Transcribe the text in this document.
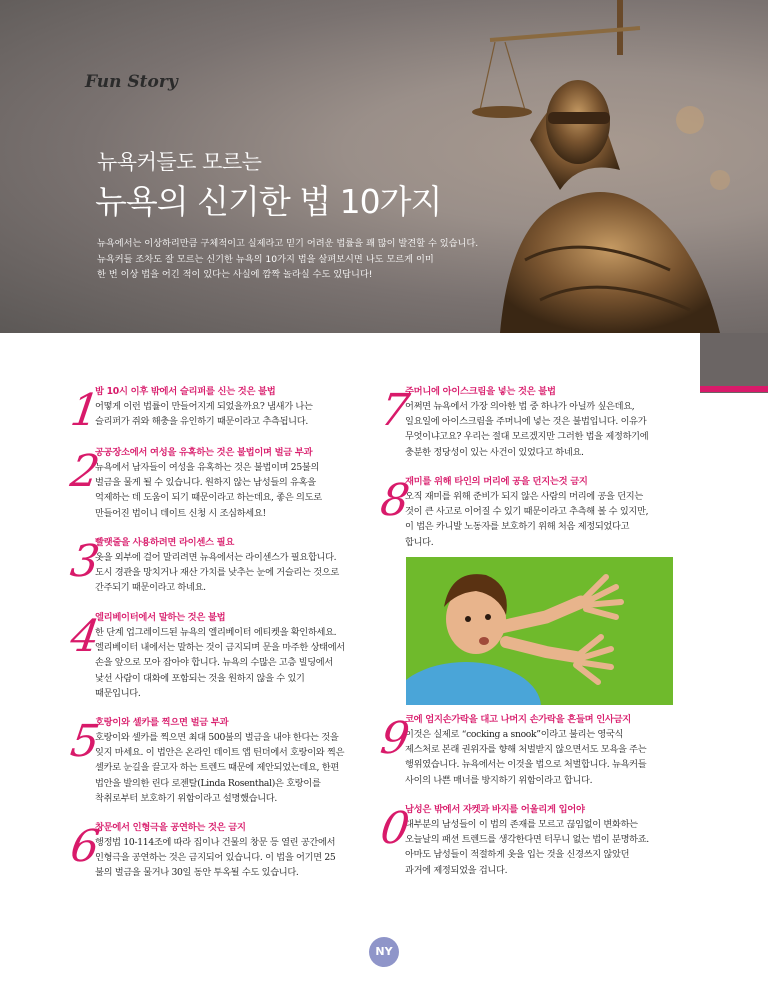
Fun Story
뉴욕커들도 모르는
뉴욕의 신기한 법 10가지
뉴욕에서는 이상하리만큼 구체적이고 실제라고 믿기 어려운 법률을 꽤 많이 발견할 수 있습니다.
뉴욕커들 조차도 잘 모르는 신기한 뉴욕의 10가지 법을 살펴보시면 나도 모르게 이미
한 번 이상 법을 어긴 적이 있다는 사실에 깜짝 놀라실 수도 있답니다!
1
밤 10시 이후 밖에서 슬리퍼를 신는 것은 불법
어떻게 이런 법률이 만들어지게 되었을까요? 냄새가 나는
슬리퍼가 쥐와 해충을 유인하기 때문이라고 추측됩니다.
2
공공장소에서 여성을 유혹하는 것은 불법이며 벌금 부과
뉴욕에서 남자들이 여성을 유혹하는 것은 불법이며 25불의
벌금을 물게 될 수 있습니다. 원하지 않는 남성들의 유혹을
억제하는 데 도움이 되기 때문이라고 하는데요, 좋은 의도로
만들어진 법이니 데이트 신청 시 조심하세요!
3
빨랫줄을 사용하려면 라이센스 필요
옷을 외부에 걸어 말리려면 뉴욕에서는 라이센스가 필요합니다.
도시 경관을 망치거나 재산 가치를 낮추는 눈에 거슬리는 것으로
간주되기 때문이라고 하네요.
4
엘리베이터에서 말하는 것은 불법
한 단계 업그레이드된 뉴욕의 엘리베이터 에티켓을 확인하세요.
엘리베이터 내에서는 말하는 것이 금지되며 문을 마주한 상태에서
손을 앞으로 모아 잡아야 합니다. 뉴욕의 수많은 고층 빌딩에서
낯선 사람이 대화에 포함되는 것을 원하지 않을 수 있기
때문입니다.
5
호랑이와 셀카를 찍으면 벌금 부과
호랑이와 셀카를 찍으면 최대 500불의 벌금을 내야 한다는 것을
잊지 마세요. 이 법안은 온라인 데이트 앱 틴더에서 호랑이와 찍은
셀카로 눈길을 끌고자 하는 트렌드 때문에 제안되었는데요, 한편
법안을 발의한 린다 로젠탈(Linda Rosenthal)은 호랑이를
착취로부터 보호하기 위함이라고 설명했습니다.
6
창문에서 인형극을 공연하는 것은 금지
행정법 10-114조에 따라 집이나 건물의 창문 등 열린 공간에서
인형극을 공연하는 것은 금지되어 있습니다. 이 법을 어기면 25
불의 벌금을 물거나 30일 동안 투옥될 수도 있습니다.
7
주머니에 아이스크림을 넣는 것은 불법
어쩌면 뉴욕에서 가장 의아한 법 중 하나가 아닐까 싶은데요,
일요일에 아이스크림을 주머니에 넣는 것은 불법입니다. 이유가
무엇이냐고요? 우리는 절대 모르겠지만 그러한 법을 제정하기에
충분한 정당성이 있는 사건이 있었다고 하네요.
8
재미를 위해 타인의 머리에 공을 던지는것 금지
오직 재미를 위해 준비가 되지 않은 사람의 머리에 공을 던지는
것이 큰 사고로 이어질 수 있기 때문이라고 추측해 볼 수 있지만,
이 법은 카니발 노동자를 보호하기 위해 처음 제정되었다고
합니다.
9
코에 엄지손가락을 대고 나머지 손가락을 흔들며 인사금지
이것은 실제로 “cocking a snook”이라고 불리는 영국식
제스처로 본래 권위자를 향해 처벌받지 않으면서도 모욕을 주는
행위였습니다. 뉴욕에서는 이것을 법으로 처벌합니다. 뉴욕커들
사이의 나쁜 매너를 방지하기 위함이라고 합니다.
0
남성은 밖에서 자켓과 바지를 어울리게 입어야
대부분의 남성들이 이 법의 존재를 모르고 끊임없이 변화하는
오늘날의 패션 트렌드를 생각한다면 터무니 없는 법이 분명하죠.
아마도 남성들이 적절하게 옷을 입는 것을 신경쓰지 않았던
과거에 제정되었을 겁니다.
NY
